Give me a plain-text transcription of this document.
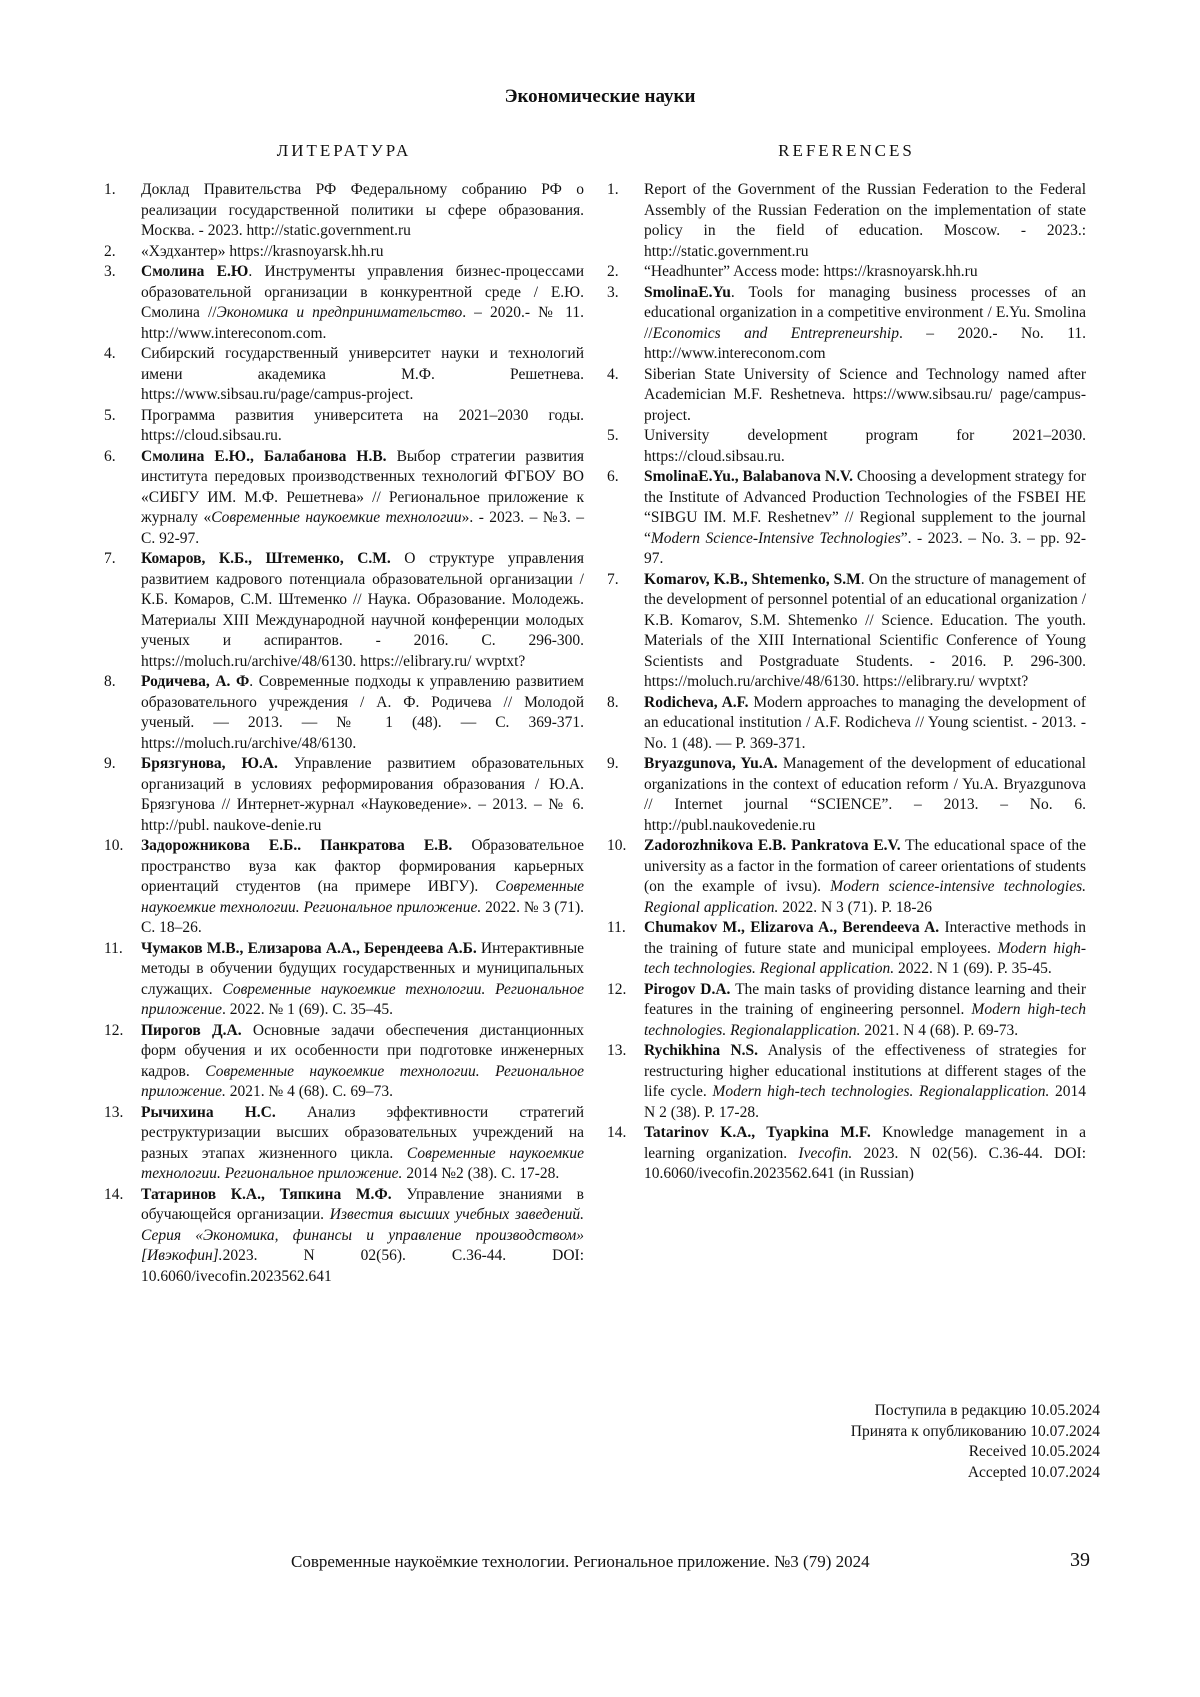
Экономические науки
ЛИТЕРАТУРА
1.	Доклад Правительства РФ Федеральному собранию РФ о реализации государственной политики ы сфере образования. Москва. - 2023. http://static.government.ru
2.	«Хэдхантер» https://krasnoyarsk.hh.ru
3.	Смолина Е.Ю. Инструменты управления бизнес-процессами образовательной организации в конкурентной среде / Е.Ю. Смолина //Экономика и предпринимательство. – 2020.- № 11. http://www.intereconom.com.
4.	Сибирский государственный университет науки и технологий имени академика М.Ф. Решетнева. https://www.sibsau.ru/page/campus-project.
5.	Программа развития университета на 2021–2030 годы. https://cloud.sibsau.ru.
6.	Смолина Е.Ю., Балабанова Н.В. Выбор стратегии развития института передовых производственных технологий ФГБОУ ВО «СИБГУ ИМ. М.Ф. Решетнева» // Региональное приложение к журналу «Современные наукоемкие технологии». - 2023. – №3. – С. 92-97.
7.	Комаров, К.Б., Штеменко, С.М. О структуре управления развитием кадрового потенциала образовательной организации / К.Б. Комаров, С.М. Штеменко // Наука. Образование. Молодежь. Материалы XIII Международной научной конференции молодых ученых и аспирантов. - 2016. С. 296-300. https://moluch.ru/archive/48/6130. https://elibrary.ru/ wvptxt?
8.	Родичева, А. Ф. Современные подходы к управлению развитием образовательного учреждения / А. Ф. Родичева // Молодой ученый. — 2013. — № 1 (48). — С. 369-371. https://moluch.ru/archive/48/6130.
9.	Брязгунова, Ю.А. Управление развитием образовательных организаций в условиях реформирования образования / Ю.А. Брязгунова // Интернет-журнал «Науковедение». – 2013. – № 6. http://publ. naukove-denie.ru
10.	Задорожникова Е.Б.. Панкратова Е.В. Образовательное пространство вуза как фактор формирования карьерных ориентаций студентов (на примере ИВГУ). Современные наукоемкие технологии. Региональное приложение. 2022. № 3 (71). С. 18–26.
11.	Чумаков М.В., Елизарова А.А., Берендеева А.Б. Интерактивные методы в обучении будущих государственных и муниципальных служащих. Современные наукоемкие технологии. Региональное приложение. 2022. № 1 (69). С. 35–45.
12.	Пирогов Д.А. Основные задачи обеспечения дистанционных форм обучения и их особенности при подготовке инженерных кадров. Современные наукоемкие технологии. Региональное приложение. 2021. № 4 (68). С. 69–73.
13.	Рычихина Н.С. Анализ эффективности стратегий реструктуризации высших образовательных учреждений на разных этапах жизненного цикла. Современные наукоемкие технологии. Региональное приложение. 2014 №2 (38). С. 17-28.
14.	Татаринов К.А., Тяпкина М.Ф. Управление знаниями в обучающейся организации. Известия высших учебных заведений. Серия «Экономика, финансы и управление производством» [Ивэкофин].2023. N 02(56). С.36-44. DOI: 10.6060/ivecofin.2023562.641
REFERENCES
1.	Report of the Government of the Russian Federation to the Federal Assembly of the Russian Federation on the implementation of state policy in the field of education. Moscow. - 2023.: http://static.government.ru
2.	“Headhunter” Access mode: https://krasnoyarsk.hh.ru
3.	SmolinaE.Yu. Tools for managing business processes of an educational organization in a competitive environment / E.Yu. Smolina //Economics and Entrepreneurship. – 2020.- No. 11. http://www.intereconom.com
4.	Siberian State University of Science and Technology named after Academician M.F. Reshetneva. https://www.sibsau.ru/ page/campus-project.
5.	University development program for 2021–2030. https://cloud.sibsau.ru.
6.	SmolinaE.Yu., Balabanova N.V. Choosing a development strategy for the Institute of Advanced Production Technologies of the FSBEI HE “SIBGU IM. M.F. Reshetnev” // Regional supplement to the journal “Modern Science-Intensive Technologies”. - 2023. – No. 3. – pp. 92-97.
7.	Komarov, K.B., Shtemenko, S.M. On the structure of management of the development of personnel potential of an educational organization / K.B. Komarov, S.M. Shtemenko // Science. Education. The youth. Materials of the XIII International Scientific Conference of Young Scientists and Postgraduate Students. - 2016. P. 296-300. https://moluch.ru/archive/48/6130. https://elibrary.ru/ wvptxt?
8.	Rodicheva, A.F. Modern approaches to managing the development of an educational institution / A.F. Rodicheva // Young scientist. - 2013. - No. 1 (48). — P. 369-371.
9.	Bryazgunova, Yu.A. Management of the development of educational organizations in the context of education reform / Yu.A. Bryazgunova // Internet journal “SCIENCE”. – 2013. – No. 6. http://publ.naukovedenie.ru
10.	Zadorozhnikova E.B. Pankratova E.V. The educational space of the university as a factor in the formation of career orientations of students (on the example of ivsu). Modern science-intensive technologies. Regional application. 2022. N 3 (71). P. 18-26
11.	Chumakov M., Elizarova A., Berendeeva A. Interactive methods in the training of future state and municipal employees. Modern high-tech technologies. Regional application. 2022. N 1 (69). P. 35-45.
12.	Pirogov D.A. The main tasks of providing distance learning and their features in the training of engineering personnel. Modern high-tech technologies. Regionalapplication. 2021. N 4 (68). P. 69-73.
13.	Rychikhina N.S. Analysis of the effectiveness of strategies for restructuring higher educational institutions at different stages of the life cycle. Modern high-tech technologies. Regionalapplication. 2014 N 2 (38). P. 17-28.
14.	Tatarinov K.A., Tyapkina M.F. Knowledge management in a learning organization. Ivecofin. 2023. N 02(56). C.36-44. DOI: 10.6060/ivecofin.2023562.641 (in Russian)
Поступила в редакцию 10.05.2024
Принята к опубликованию 10.07.2024
Received 10.05.2024
Accepted 10.07.2024
Современные наукоёмкие технологии. Региональное приложение. №3 (79) 2024	39
